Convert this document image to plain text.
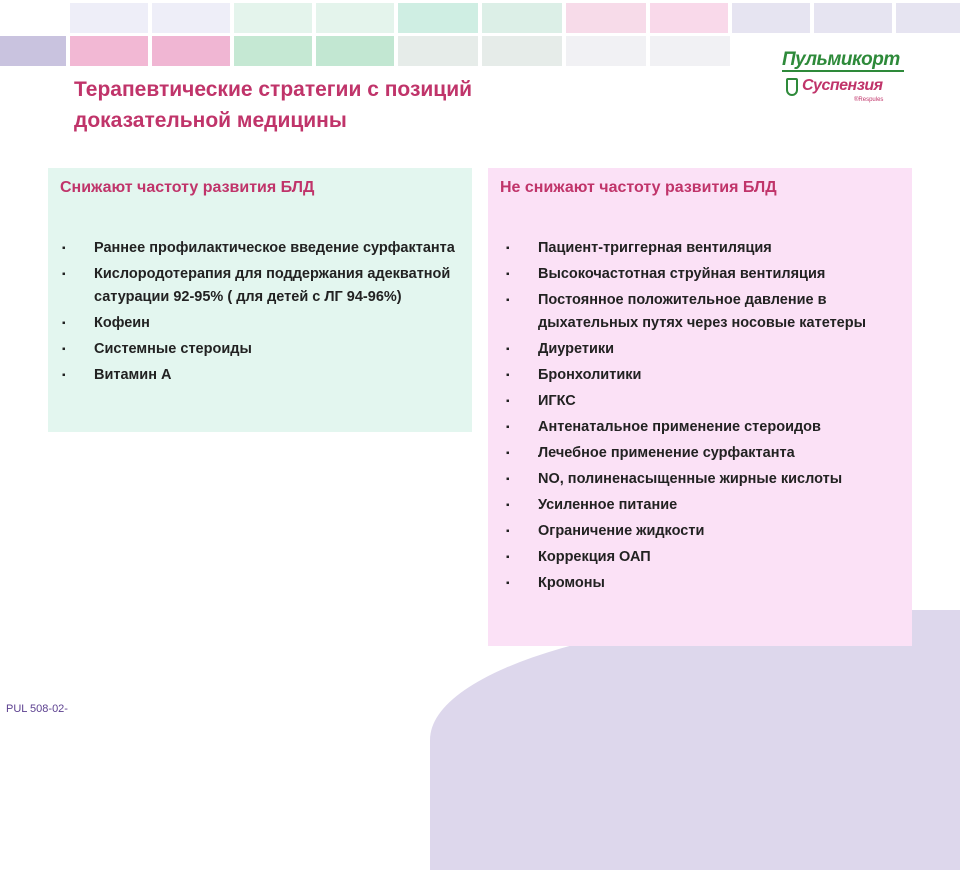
Терапевтические стратегии с позиций
доказательной медицины
Пульмикорт
Суспензия
®Respules
Снижают частоту развития БЛД
▪ Раннее профилактическое введение сурфактанта
▪ Кислородотерапия для поддержания адекватной сатурации 92-95% ( для детей с ЛГ 94-96%)
▪ Кофеин
▪ Системные стероиды
▪ Витамин А
Не снижают частоту развития БЛД
▪ Пациент-триггерная вентиляция
▪ Высокочастотная струйная вентиляция
▪ Постоянное положительное давление в дыхательных путях через носовые катетеры
▪ Диуретики
▪ Бронхолитики
▪ ИГКС
▪ Антенатальное применение стероидов
▪ Лечебное применение сурфактанта
▪ NO, полиненасыщенные жирные кислоты
▪ Усиленное питание
▪ Ограничение жидкости
▪ Коррекция ОАП
▪ Кромоны
PUL 508-02-
